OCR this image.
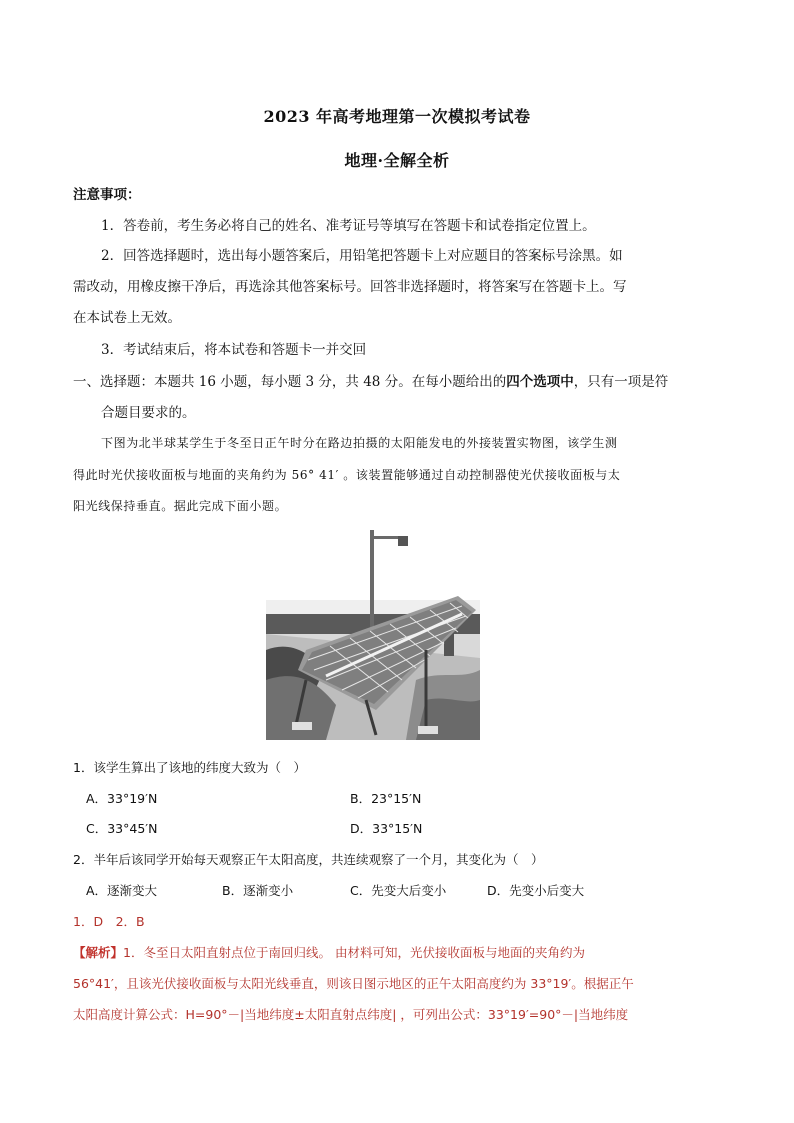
2023 年高考地理第一次模拟考试卷
地理·全解全析
注意事项：
1．答卷前，考生务必将自己的姓名、准考证号等填写在答题卡和试卷指定位置上。
2．回答选择题时，选出每小题答案后，用铅笔把答题卡上对应题目的答案标号涂黑。如
需改动，用橡皮擦干净后，再选涂其他答案标号。回答非选择题时，将答案写在答题卡上。写
在本试卷上无效。
3．考试结束后，将本试卷和答题卡一并交回
一、选择题：本题共 16 小题，每小题 3 分，共 48 分。在每小题给出的四个选项中，只有一项是符
合题目要求的。
下图为北半球某学生于冬至日正午时分在路边拍摄的太阳能发电的外接装置实物图，该学生测
得此时光伏接收面板与地面的夹角约为 56° 41′ 。该装置能够通过自动控制器使光伏接收面板与太
阳光线保持垂直。据此完成下面小题。
1．该学生算出了该地的纬度大致为（　）
A．33°19′N	B．23°15′N
C．33°45′N	D．33°15′N
2．半年后该同学开始每天观察正午太阳高度，共连续观察了一个月，其变化为（　）
A．逐渐变大	B．逐渐变小	C．先变大后变小	D．先变小后变大
1．D　2．B
【解析】1．冬至日太阳直射点位于南回归线。 由材料可知，光伏接收面板与地面的夹角约为
56°41′，且该光伏接收面板与太阳光线垂直，则该日图示地区的正午太阳高度约为 33°19′。根据正午
太阳高度计算公式：H=90°－|当地纬度±太阳直射点纬度| ，可列出公式：33°19′=90°－|当地纬度
